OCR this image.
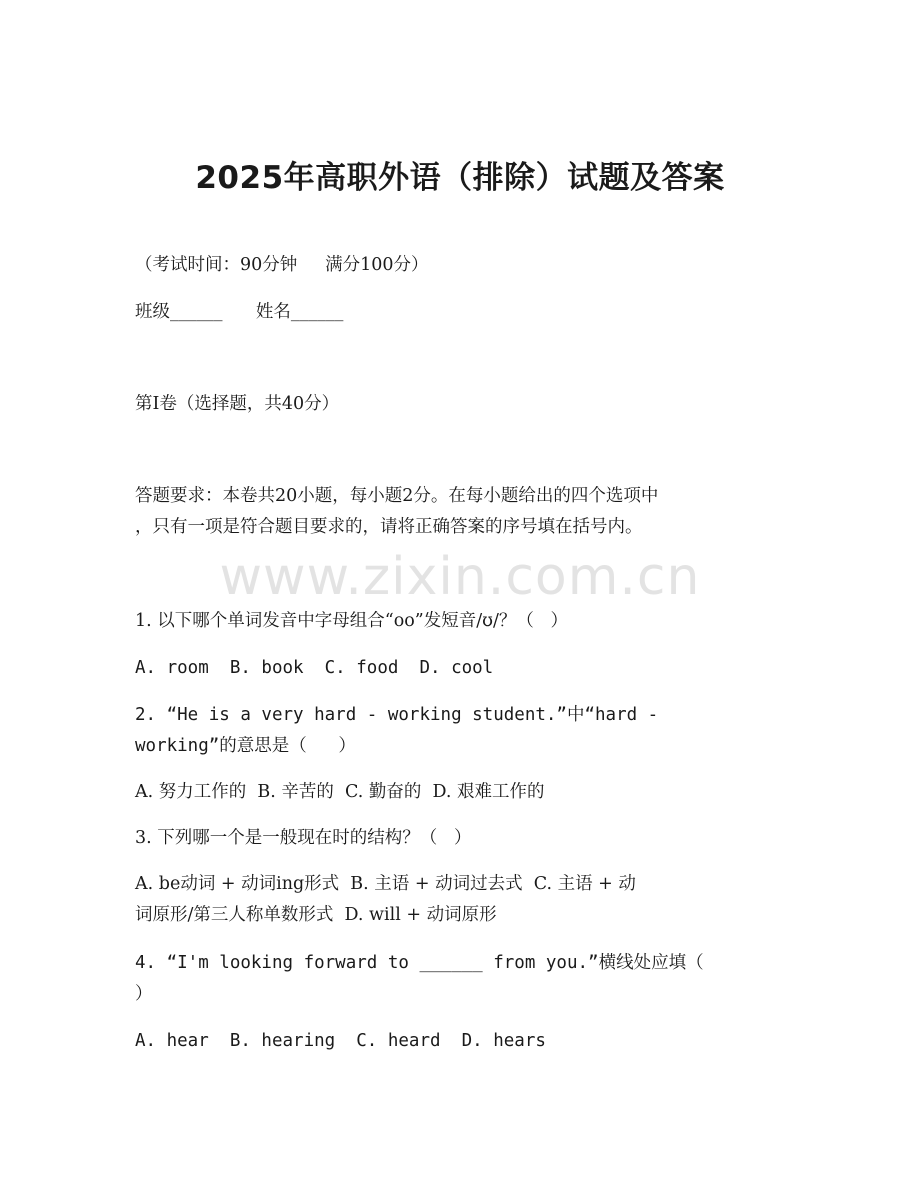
2025年高职外语（排除）试题及答案
（考试时间：90分钟     满分100分）
班级______      姓名______
第Ⅰ卷（选择题，共40分）
答题要求：本卷共20小题，每小题2分。在每小题给出的四个选项中
，只有一项是符合题目要求的，请将正确答案的序号填在括号内。
www.zixin.com.cn
1. 以下哪个单词发音中字母组合“oo”发短音/ʊ/？（   ）
A. room  B. book  C. food  D. cool
2. “He is a very hard - working student.”中“hard -
working”的意思是（   ）
A. 努力工作的  B. 辛苦的  C. 勤奋的  D. 艰难工作的
3. 下列哪一个是一般现在时的结构？（   ）
A. be动词 + 动词ing形式  B. 主语 + 动词过去式  C. 主语 + 动
词原形/第三人称单数形式  D. will + 动词原形
4. “I'm looking forward to ______ from you.”横线处应填（
）
A. hear  B. hearing  C. heard  D. hears
